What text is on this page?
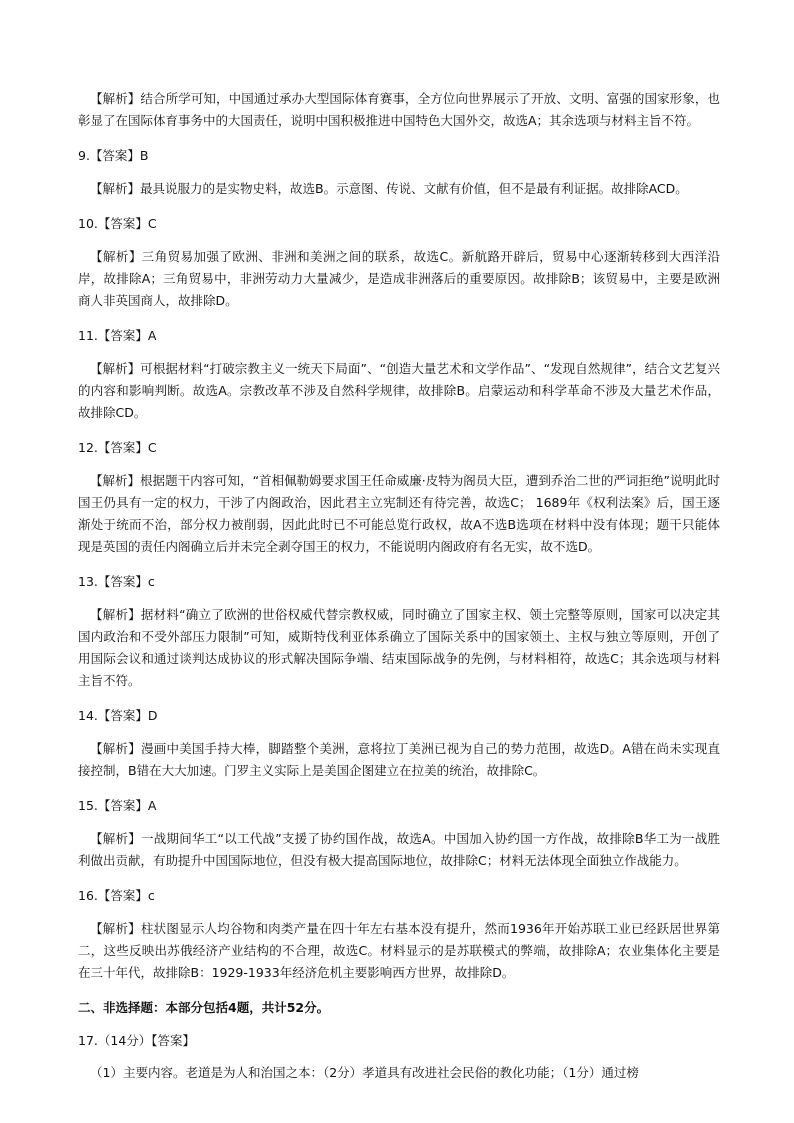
【解析】结合所学可知，中国通过承办大型国际体育赛事，全方位向世界展示了开放、文明、富强的国家形象，也彰显了在国际体育事务中的大国责任，说明中国积极推进中国特色大国外交，故选A；其余选项与材料主旨不符。

9.【答案】B

【解析】最具说服力的是实物史料，故选B。示意图、传说、文献有价值，但不是最有利证据。故排除ACD。

10.【答案】C

【解析】三角贸易加强了欧洲、非洲和美洲之间的联系，故选C。新航路开辟后，贸易中心逐渐转移到大西洋沿岸，故排除A；三角贸易中，非洲劳动力大量减少，是造成非洲落后的重要原因。故排除B；该贸易中，主要是欧洲商人非英国商人，故排除D。

11.【答案】A

【解析】可根据材料“打破宗教主义一统天下局面”、“创造大量艺术和文学作品”、“发现自然规律”，结合文艺复兴的内容和影响判断。故选A。宗教改革不涉及自然科学规律，故排除B。启蒙运动和科学革命不涉及大量艺术作品，故排除CD。

12.【答案】C

【解析】根据题干内容可知，“首相佩勒姆要求国王任命威廉·皮特为阁员大臣，遭到乔治二世的严词拒绝”说明此时国王仍具有一定的权力，干涉了内阁政治，因此君主立宪制还有待完善，故选C； 1689年《权利法案》后，国王逐渐处于统而不治，部分权力被削弱，因此此时已不可能总览行政权，故A不选B选项在材料中没有体现；题干只能体现是英国的责任内阁确立后并未完全剥夺国王的权力，不能说明内阁政府有名无实，故不选D。

13.【答案】c

【解析】据材料“确立了欧洲的世俗权威代替宗教权威，同时确立了国家主权、领土完整等原则，国家可以决定其国内政治和不受外部压力限制”可知，威斯特伐利亚体系确立了国际关系中的国家领土、主权与独立等原则，开创了用国际会议和通过谈判达成协议的形式解决国际争端、结束国际战争的先例，与材料相符，故选C；其余选项与材料主旨不符。

14.【答案】D

【解析】漫画中美国手持大棒，脚踏整个美洲，意将拉丁美洲已视为自己的势力范围，故选D。A错在尚未实现直接控制，B错在大大加速。门罗主义实际上是美国企图建立在拉美的统治，故排除C。

15.【答案】A

【解析】一战期间华工“以工代战”支援了协约国作战，故选A。中国加入协约国一方作战，故排除B华工为一战胜利做出贡献，有助提升中国国际地位，但没有极大提高国际地位，故排除C；材料无法体现全面独立作战能力。

16.【答案】c

【解析】柱状图显示人均谷物和肉类产量在四十年左右基本没有提升，然而1936年开始苏联工业已经跃居世界第二，这些反映出苏俄经济产业结构的不合理，故选C。材料显示的是苏联模式的弊端，故排除A；农业集体化主要是在三十年代，故排除B：1929-1933年经济危机主要影响西方世界，故排除D。

二、非选择题：本部分包括4题，共计52分。

17.（14分）【答案】

（1）主要内容。老道是为人和治国之本：（2分）孝道具有改进社会民俗的教化功能；（1分）通过榜
